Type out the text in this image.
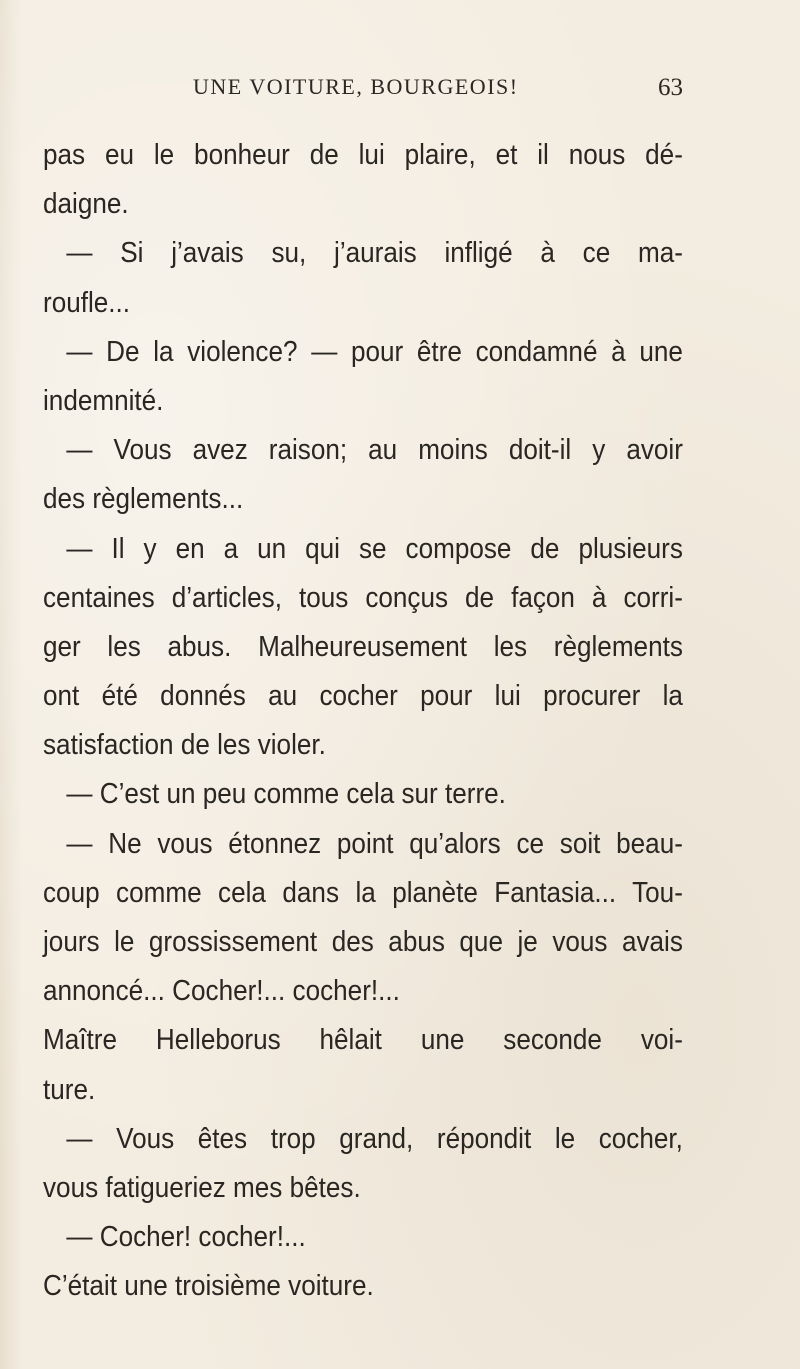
UNE VOITURE, BOURGEOIS!	63
pas eu le bonheur de lui plaire, et il nous dé-
daigne.
— Si j’avais su, j’aurais infligé à ce ma-
roufle...
— De la violence? — pour être condamné à une
indemnité.
— Vous avez raison; au moins doit-il y avoir
des règlements...
— Il y en a un qui se compose de plusieurs
centaines d’articles, tous conçus de façon à corri-
ger les abus. Malheureusement les règlements
ont été donnés au cocher pour lui procurer la
satisfaction de les violer.
— C’est un peu comme cela sur terre.
— Ne vous étonnez point qu’alors ce soit beau-
coup comme cela dans la planète Fantasia... Tou-
jours le grossissement des abus que je vous avais
annoncé... Cocher!... cocher!...
Maître Helleborus hêlait une seconde voi-
ture.
— Vous êtes trop grand, répondit le cocher,
vous fatigueriez mes bêtes.
— Cocher! cocher!...
C’était une troisième voiture.
